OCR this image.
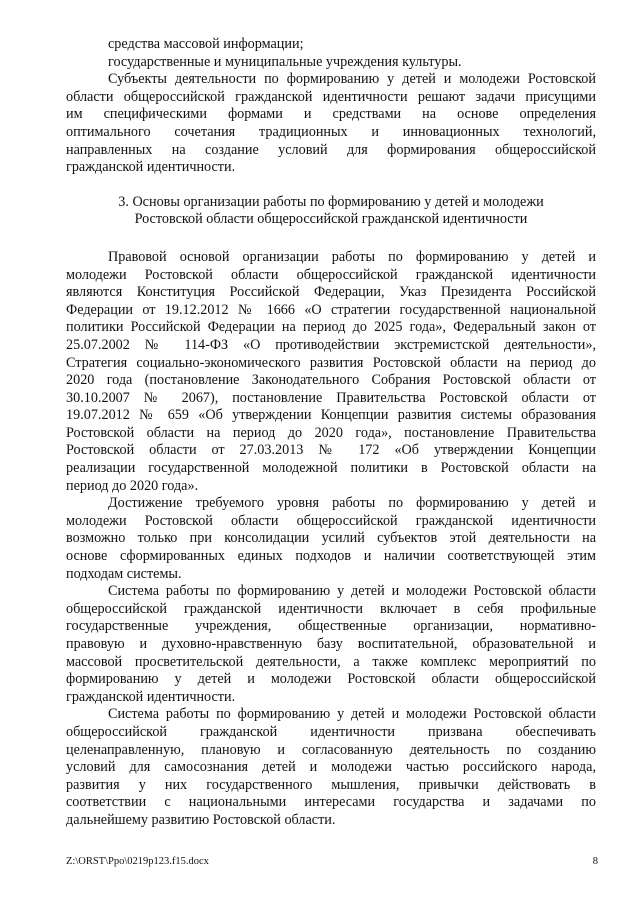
средства массовой информации;
государственные и муниципальные учреждения культуры.
Субъекты деятельности по формированию у детей и молодежи Ростовской
области общероссийской гражданской идентичности решают задачи присущими
им специфическими формами и средствами на основе определения
оптимального сочетания традиционных и инновационных технологий,
направленных на создание условий для формирования общероссийской
гражданской идентичности.
3. Основы организации работы по формированию у детей и молодежи
Ростовской области общероссийской гражданской идентичности
Правовой основой организации работы по формированию у детей и
молодежи Ростовской области общероссийской гражданской идентичности
являются Конституция Российской Федерации, Указ Президента Российской
Федерации от 19.12.2012 № 1666 «О стратегии государственной национальной
политики Российской Федерации на период до 2025 года», Федеральный закон от
25.07.2002 № 114-ФЗ «О противодействии экстремистской деятельности»,
Стратегия социально-экономического развития Ростовской области на период до
2020 года (постановление Законодательного Собрания Ростовской области от
30.10.2007 № 2067), постановление Правительства Ростовской области от
19.07.2012 № 659 «Об утверждении Концепции развития системы образования
Ростовской области на период до 2020 года», постановление Правительства
Ростовской области от 27.03.2013 № 172 «Об утверждении Концепции
реализации государственной молодежной политики в Ростовской области на
период до 2020 года».
Достижение требуемого уровня работы по формированию у детей и
молодежи Ростовской области общероссийской гражданской идентичности
возможно только при консолидации усилий субъектов этой деятельности на
основе сформированных единых подходов и наличии соответствующей этим
подходам системы.
Система работы по формированию у детей и молодежи Ростовской области
общероссийской гражданской идентичности включает в себя профильные
государственные учреждения, общественные организации, нормативно-
правовую и духовно-нравственную базу воспитательной, образовательной и
массовой просветительской деятельности, а также комплекс мероприятий по
формированию у детей и молодежи Ростовской области общероссийской
гражданской идентичности.
Система работы по формированию у детей и молодежи Ростовской области
общероссийской гражданской идентичности призвана обеспечивать
целенаправленную, плановую и согласованную деятельность по созданию
условий для самосознания детей и молодежи частью российского народа,
развития у них государственного мышления, привычки действовать в
соответствии с национальными интересами государства и задачами по
дальнейшему развитию Ростовской области.
Z:\ORST\Ppo\0219p123.f15.docx	8
